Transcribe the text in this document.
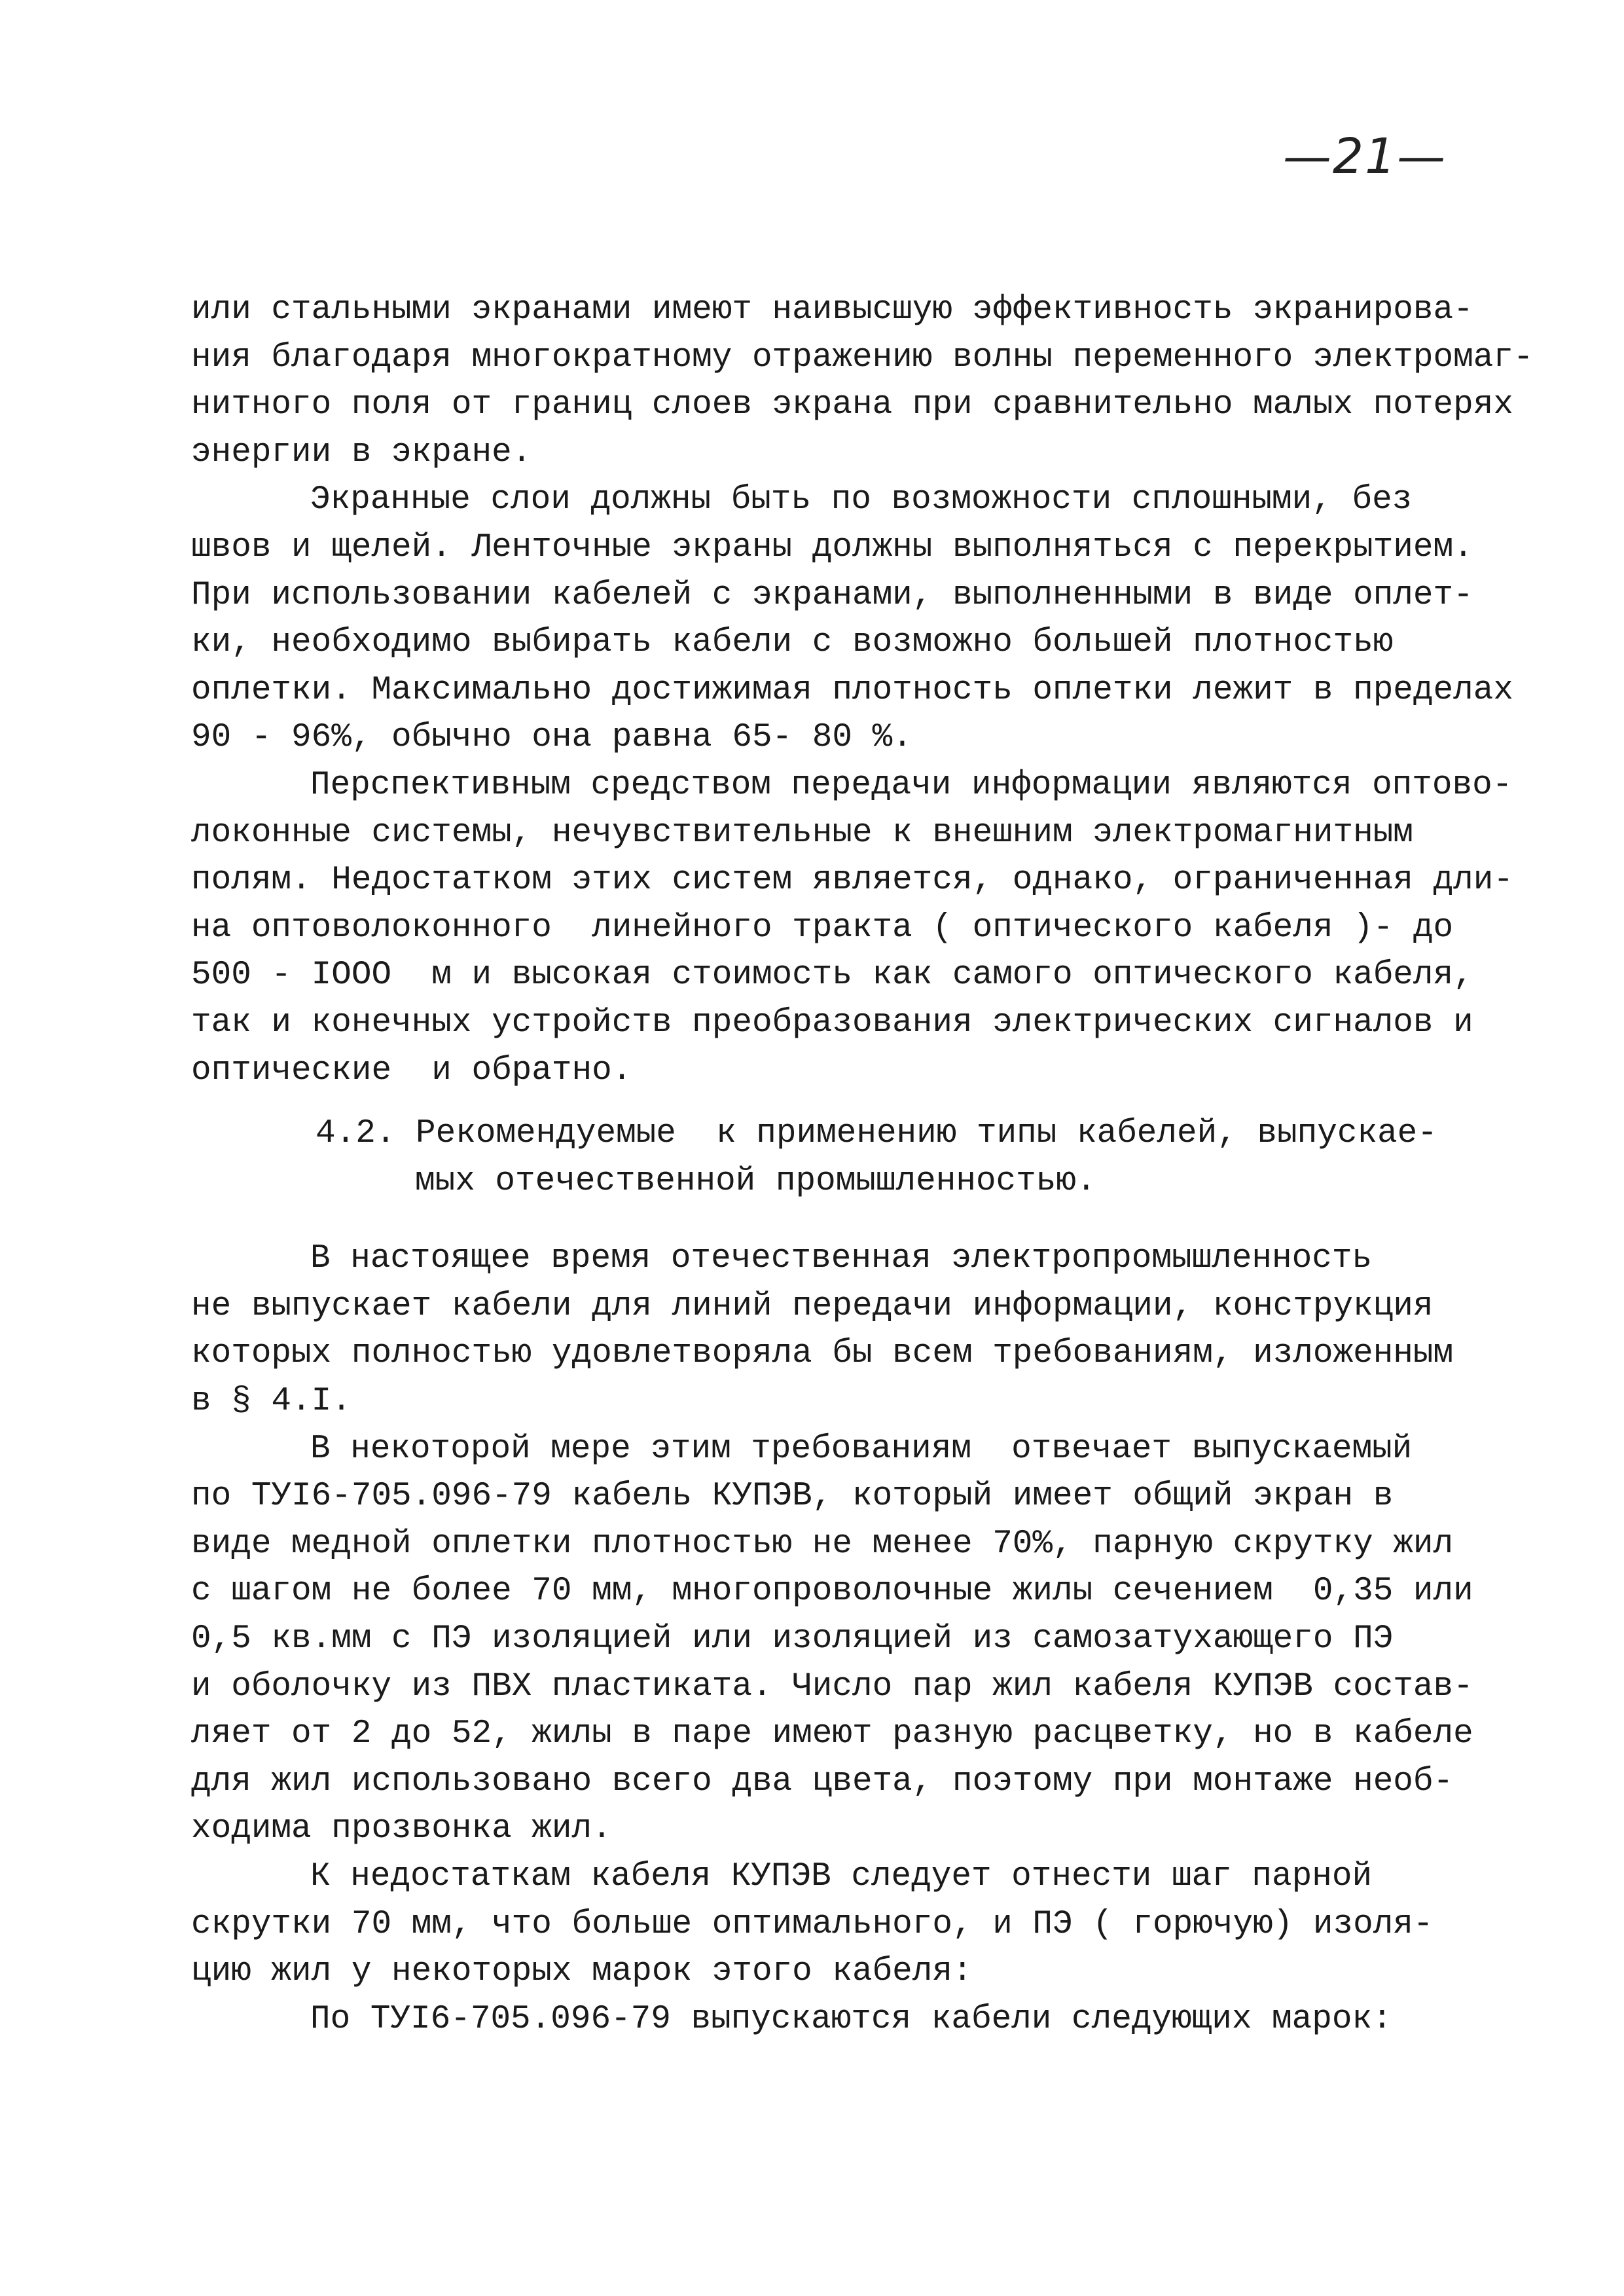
—21—
или стальными экранами имеют наивысшую эффективность экранирова-
ния благодаря многократному отражению волны переменного электромаг-
нитного поля от границ слоев экрана при сравнительно малых потерях
энергии в экране.
Экранные слои должны быть по возможности сплошными, без
швов и щелей. Ленточные экраны должны выполняться с перекрытием.
При использовании кабелей с экранами, выполненными в виде оплет-
ки, необходимо выбирать кабели с возможно большей плотностью
оплетки. Максимально достижимая плотность оплетки лежит в пределах
90 - 96%, обычно она равна 65- 80 %.
Перспективным средством передачи информации являются оптово-
локонные системы, нечувствительные к внешним электромагнитным
полям. Недостатком этих систем является, однако, ограниченная дли-
на оптоволоконного  линейного тракта ( оптического кабеля )- до
500 - IOOO  м и высокая стоимость как самого оптического кабеля,
так и конечных устройств преобразования электрических сигналов и
оптические  и обратно.
4.2. Рекомендуемые  к применению типы кабелей, выпускае-
мых отечественной промышленностью.
В настоящее время отечественная электропромышленность
не выпускает кабели для линий передачи информации, конструкция
которых полностью удовлетворяла бы всем требованиям, изложенным
в § 4.I.
В некоторой мере этим требованиям  отвечает выпускаемый
по ТУI6-705.096-79 кабель КУПЭВ, который имеет общий экран в
виде медной оплетки плотностью не менее 70%, парную скрутку жил
с шагом не более 70 мм, многопроволочные жилы сечением  0,35 или
0,5 кв.мм с ПЭ изоляцией или изоляцией из самозатухающего ПЭ
и оболочку из ПВХ пластиката. Число пар жил кабеля КУПЭВ состав-
ляет от 2 до 52, жилы в паре имеют разную расцветку, но в кабеле
для жил использовано всего два цвета, поэтому при монтаже необ-
ходима прозвонка жил.
К недостаткам кабеля КУПЭВ следует отнести шаг парной
скрутки 70 мм, что больше оптимального, и ПЭ ( горючую) изоля-
цию жил у некоторых марок этого кабеля:
По ТУI6-705.096-79 выпускаются кабели следующих марок:
